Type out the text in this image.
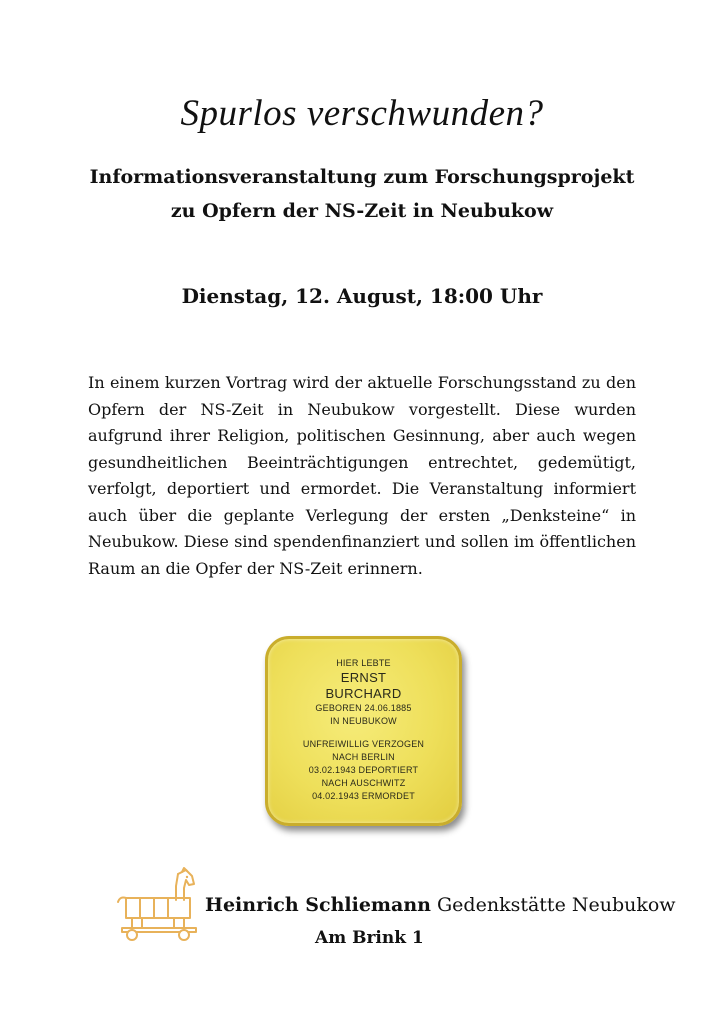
Spurlos verschwunden?
Informationsveranstaltung zum Forschungsprojekt
zu Opfern der NS-Zeit in Neubukow
Dienstag, 12. August, 18:00 Uhr
In einem kurzen Vortrag wird der aktuelle Forschungsstand zu den Opfern der NS-Zeit in Neubukow vorgestellt. Diese wurden aufgrund ihrer Religion, politischen Gesinnung, aber auch wegen gesundheitlichen Beeinträchtigungen entrechtet, gedemütigt, verfolgt, deportiert und ermordet. Die Veranstaltung informiert auch über die geplante Verlegung der ersten „Denksteine“ in Neubukow. Diese sind spendenfinanziert und sollen im öffentlichen Raum an die Opfer der NS-Zeit erinnern.
HIER LEBTE
ERNST
BURCHARD
GEBOREN 24.06.1885
IN NEUBUKOW
UNFREIWILLIG VERZOGEN
NACH BERLIN
03.02.1943 DEPORTIERT
NACH AUSCHWITZ
04.02.1943 ERMORDET
Heinrich Schliemann Gedenkstätte Neubukow
Am Brink 1
